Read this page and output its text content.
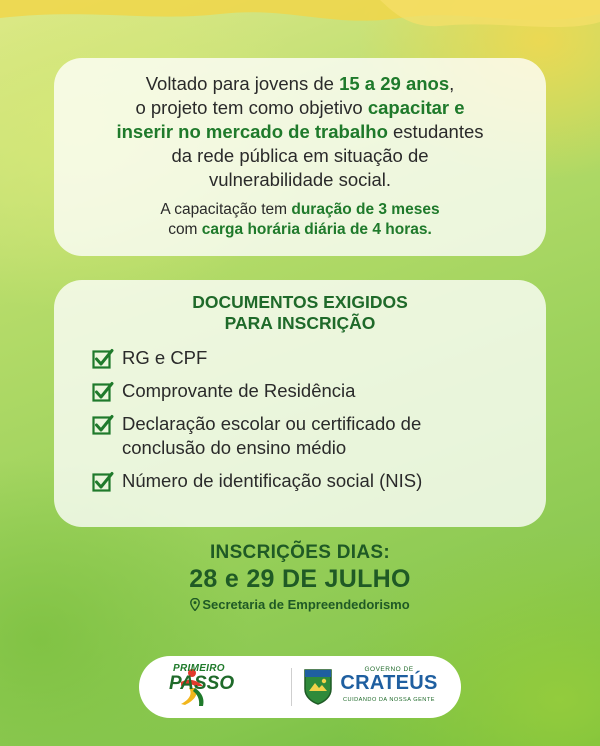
Voltado para jovens de 15 a 29 anos,
o projeto tem como objetivo capacitar e
inserir no mercado de trabalho estudantes
da rede pública em situação de
vulnerabilidade social.
A capacitação tem duração de 3 meses
com carga horária diária de 4 horas.
DOCUMENTOS EXIGIDOS
PARA INSCRIÇÃO
RG e CPF
Comprovante de Residência
Declaração escolar ou certificado de
conclusão do ensino médio
Número de identificação social (NIS)
INSCRIÇÕES DIAS:
28 e 29 DE JULHO
Secretaria de Empreendedorismo
PRIMEIRO
PASSO
GOVERNO DE
CRATEÚS
CUIDANDO DA NOSSA GENTE
